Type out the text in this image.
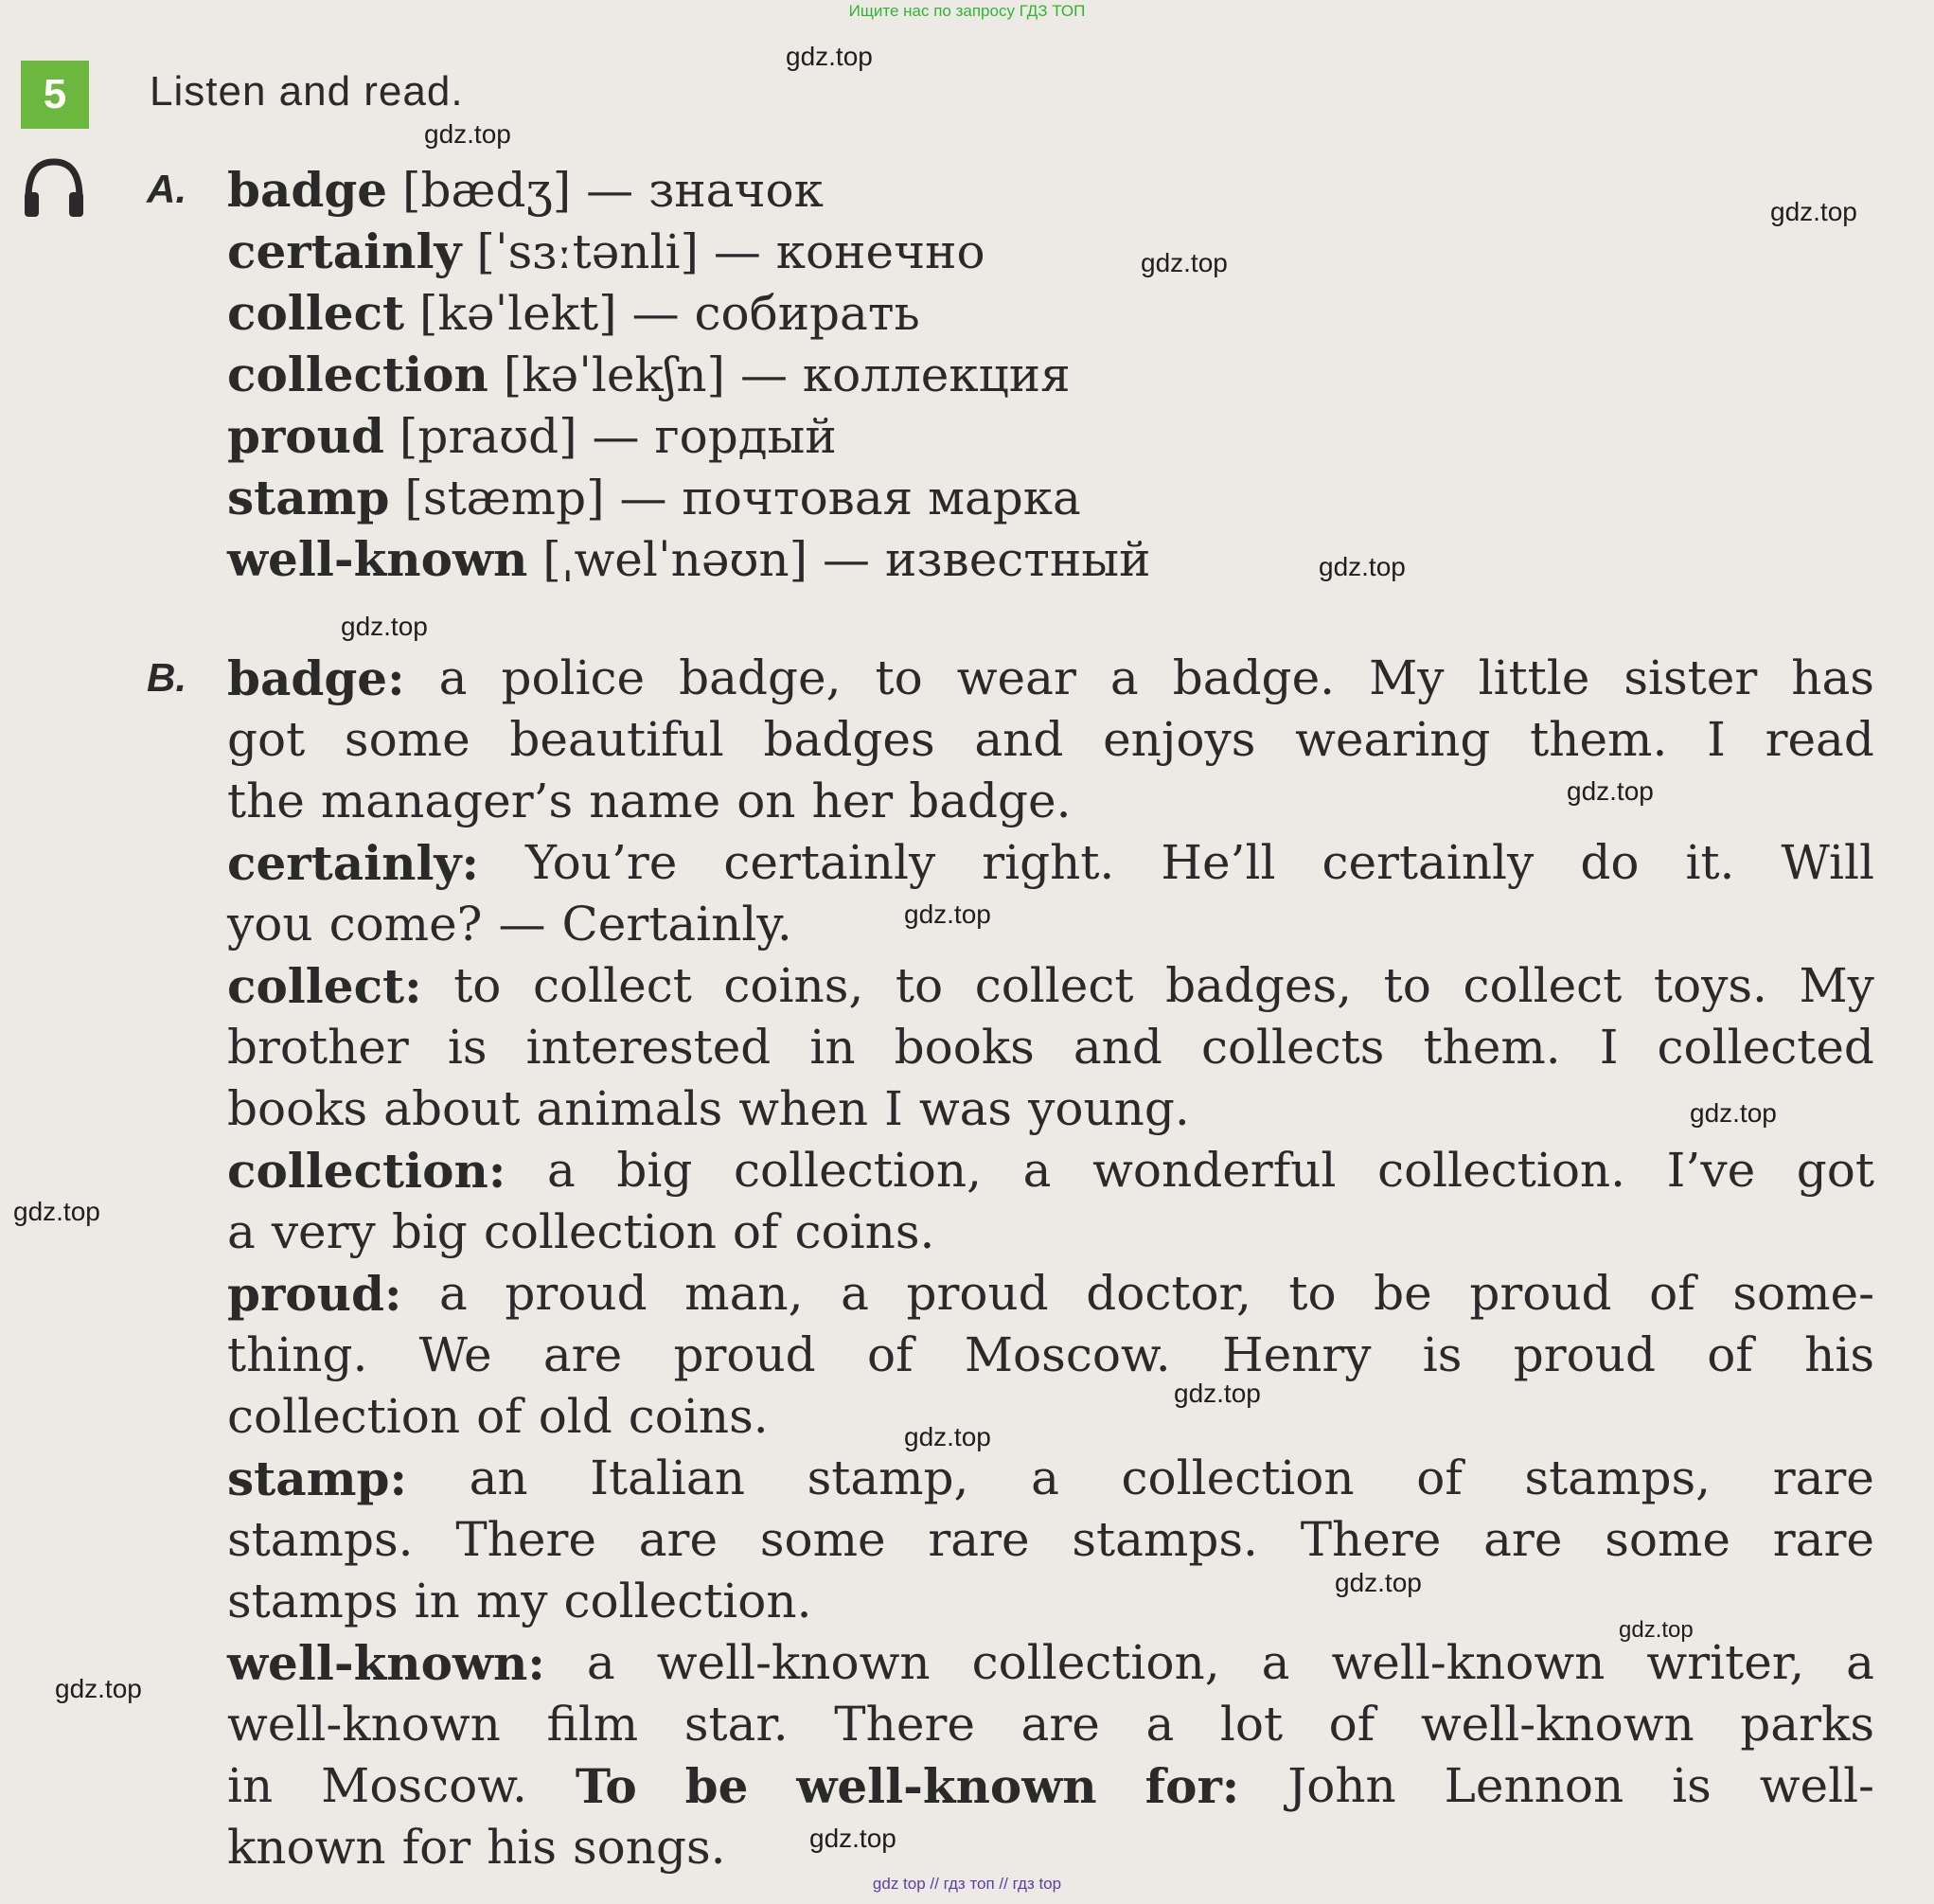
Ищите нас по запросу ГДЗ ТОП
5	Listen and read.
A. badge [bædʒ] — значок
certainly [ˈsɜːtənli] — конечно
collect [kəˈlekt] — собирать
collection [kəˈlekʃn] — коллекция
proud [praʊd] — гордый
stamp [stæmp] — почтовая марка
well-known [ˌwelˈnəʊn] — известный
B. badge: a police badge, to wear a badge. My little sister has
got some beautiful badges and enjoys wearing them. I read
the manager’s name on her badge.
certainly: You’re certainly right. He’ll certainly do it. Will
you come? — Certainly.
collect: to collect coins, to collect badges, to collect toys. My
brother is interested in books and collects them. I collected
books about animals when I was young.
collection: a big collection, a wonderful collection. I’ve got
a very big collection of coins.
proud: a proud man, a proud doctor, to be proud of some-
thing. We are proud of Moscow. Henry is proud of his
collection of old coins.
stamp: an Italian stamp, a collection of stamps, rare
stamps. There are some rare stamps. There are some rare
stamps in my collection.
well-known: a well-known collection, a well-known writer, a
well-known film star. There are a lot of well-known parks
in Moscow. To be well-known for: John Lennon is well-
known for his songs.
gdz top // гдз топ // гдз top
gdz.top
gdz.top
gdz.top
gdz.top
gdz.top
gdz.top
gdz.top
gdz.top
gdz.top
gdz.top
gdz.top
gdz.top
gdz.top
gdz.top
gdz.top
gdz.top
